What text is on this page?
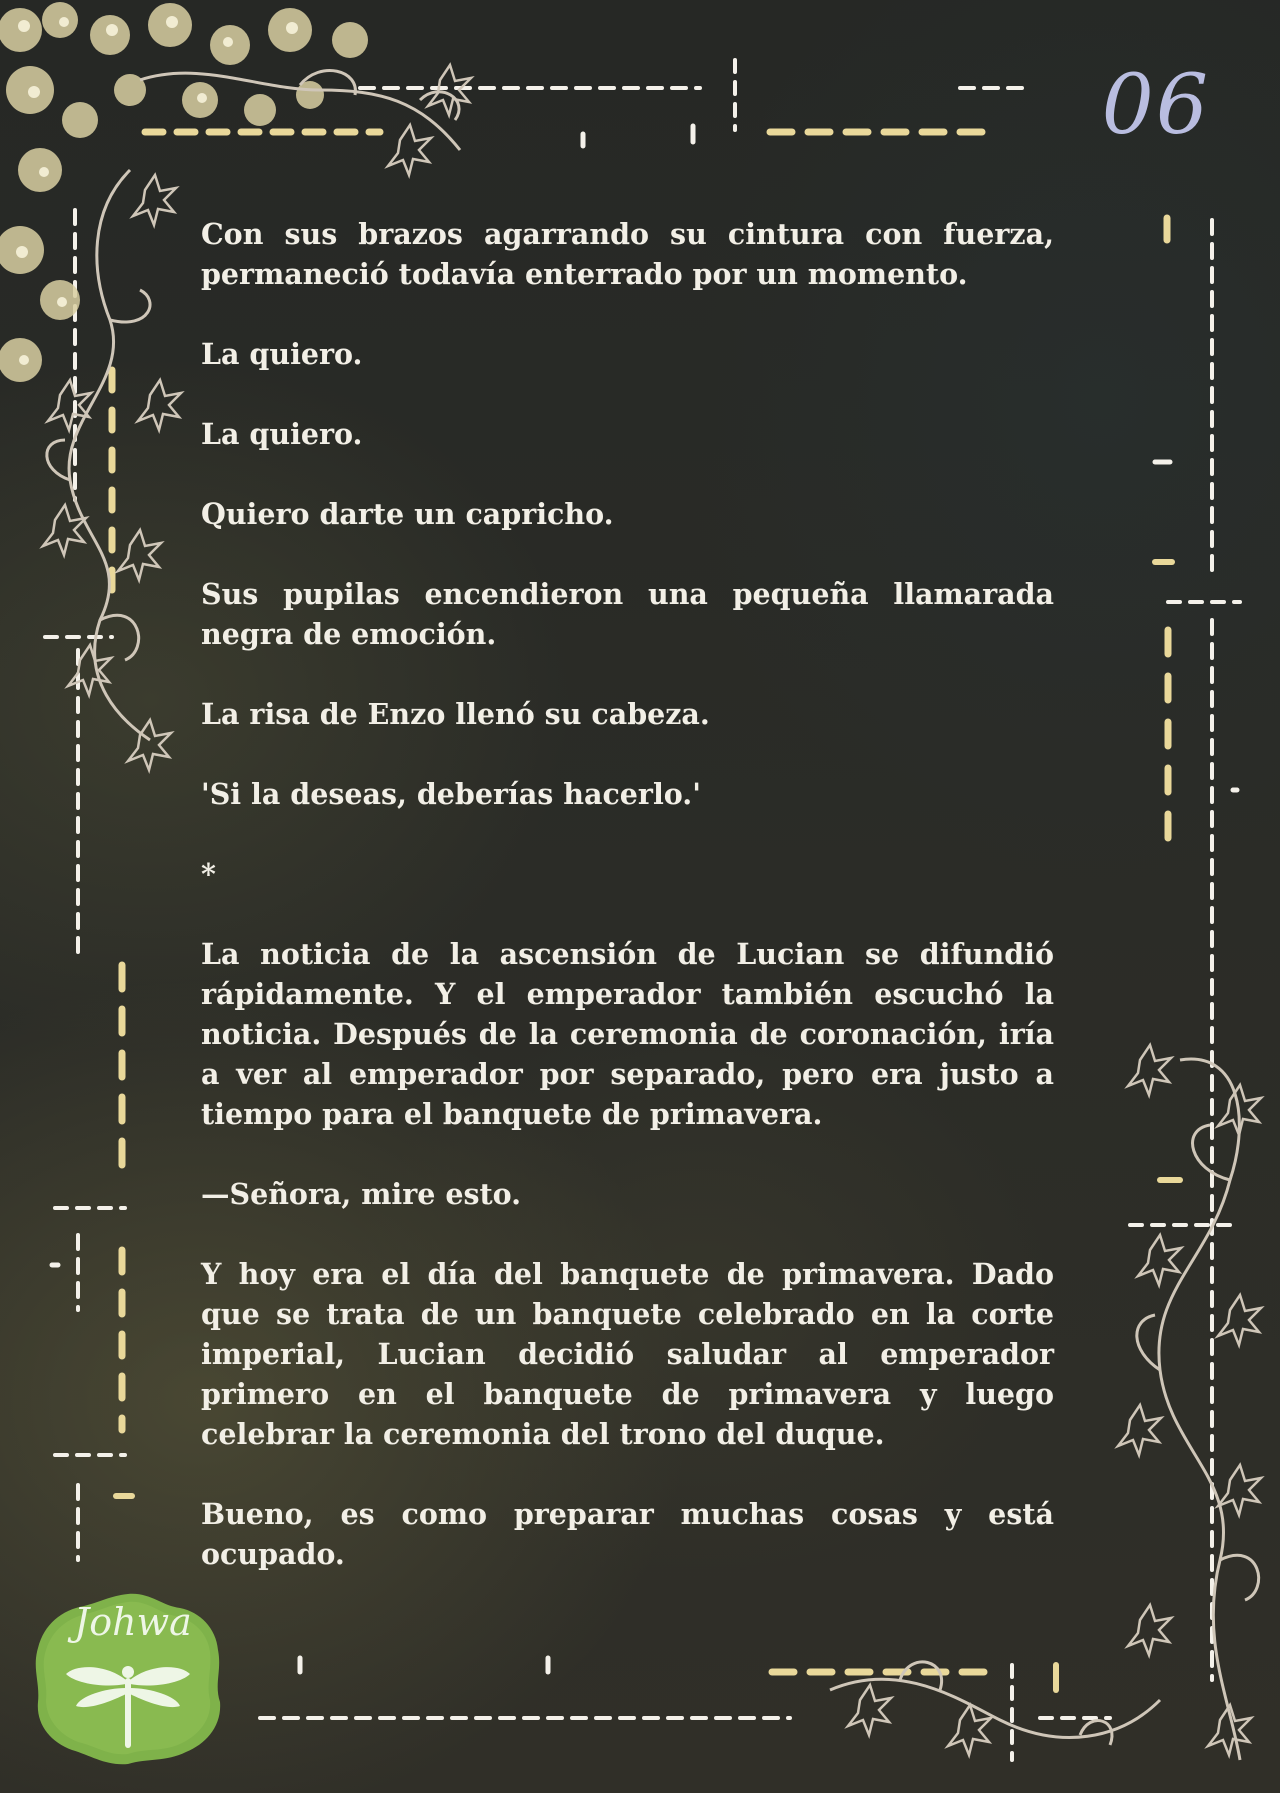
06

Con sus brazos agarrando su cintura con fuerza, permaneció todavía enterrado por un momento.

La quiero.

La quiero.

Quiero darte un capricho.

Sus pupilas encendieron una pequeña llamarada negra de emoción.

La risa de Enzo llenó su cabeza.

'Si la deseas, deberías hacerlo.'

*

La noticia de la ascensión de Lucian se difundió rápidamente. Y el emperador también escuchó la noticia. Después de la ceremonia de coronación, iría a ver al emperador por separado, pero era justo a tiempo para el banquete de primavera.

—Señora, mire esto.

Y hoy era el día del banquete de primavera. Dado que se trata de un banquete celebrado en la corte imperial, Lucian decidió saludar al emperador primero en el banquete de primavera y luego celebrar la ceremonia del trono del duque.

Bueno, es como preparar muchas cosas y está ocupado.

Johwa
